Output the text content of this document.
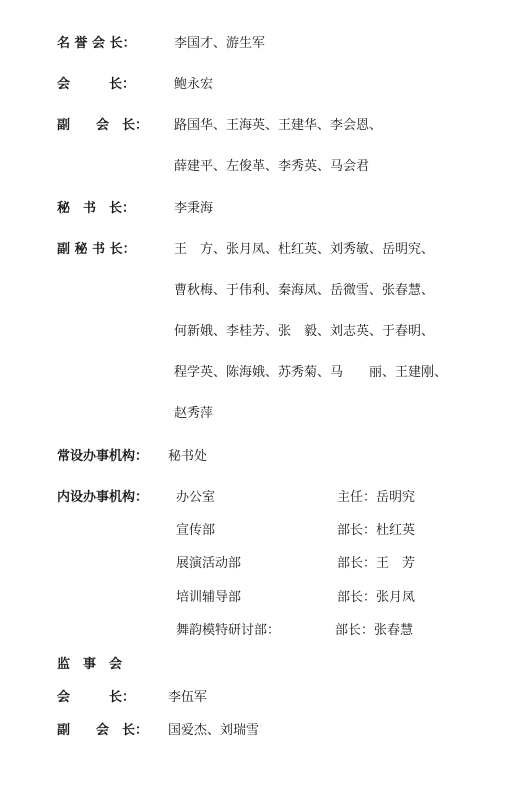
名 誉 会 长：	李国才、游生军
会　　　长：	鲍永宏
副　　会　长： 路国华、王海英、王建华、李会恩、
薛建平、左俊革、李秀英、马会君
秘　书　长：	李秉海
副 秘 书 长：	王　方、张月凤、杜红英、刘秀敏、岳明究、
曹秋梅、于伟利、秦海凤、岳微雪、张春慧、
何新娥、李桂芳、张　毅、刘志英、于春明、
程学英、陈海娥、苏秀菊、马　　丽、王建刚、
赵秀萍
常设办事机构： 秘书处
内设办事机构： 办公室	主任：岳明究
宣传部	部长：杜红英
展演活动部	部长：王　芳
培训辅导部	部长：张月凤
舞韵模特研讨部：	部长：张春慧
监　事　会
会　　　长：	李伍军
副　　会　长： 国爱杰、刘瑞雪
